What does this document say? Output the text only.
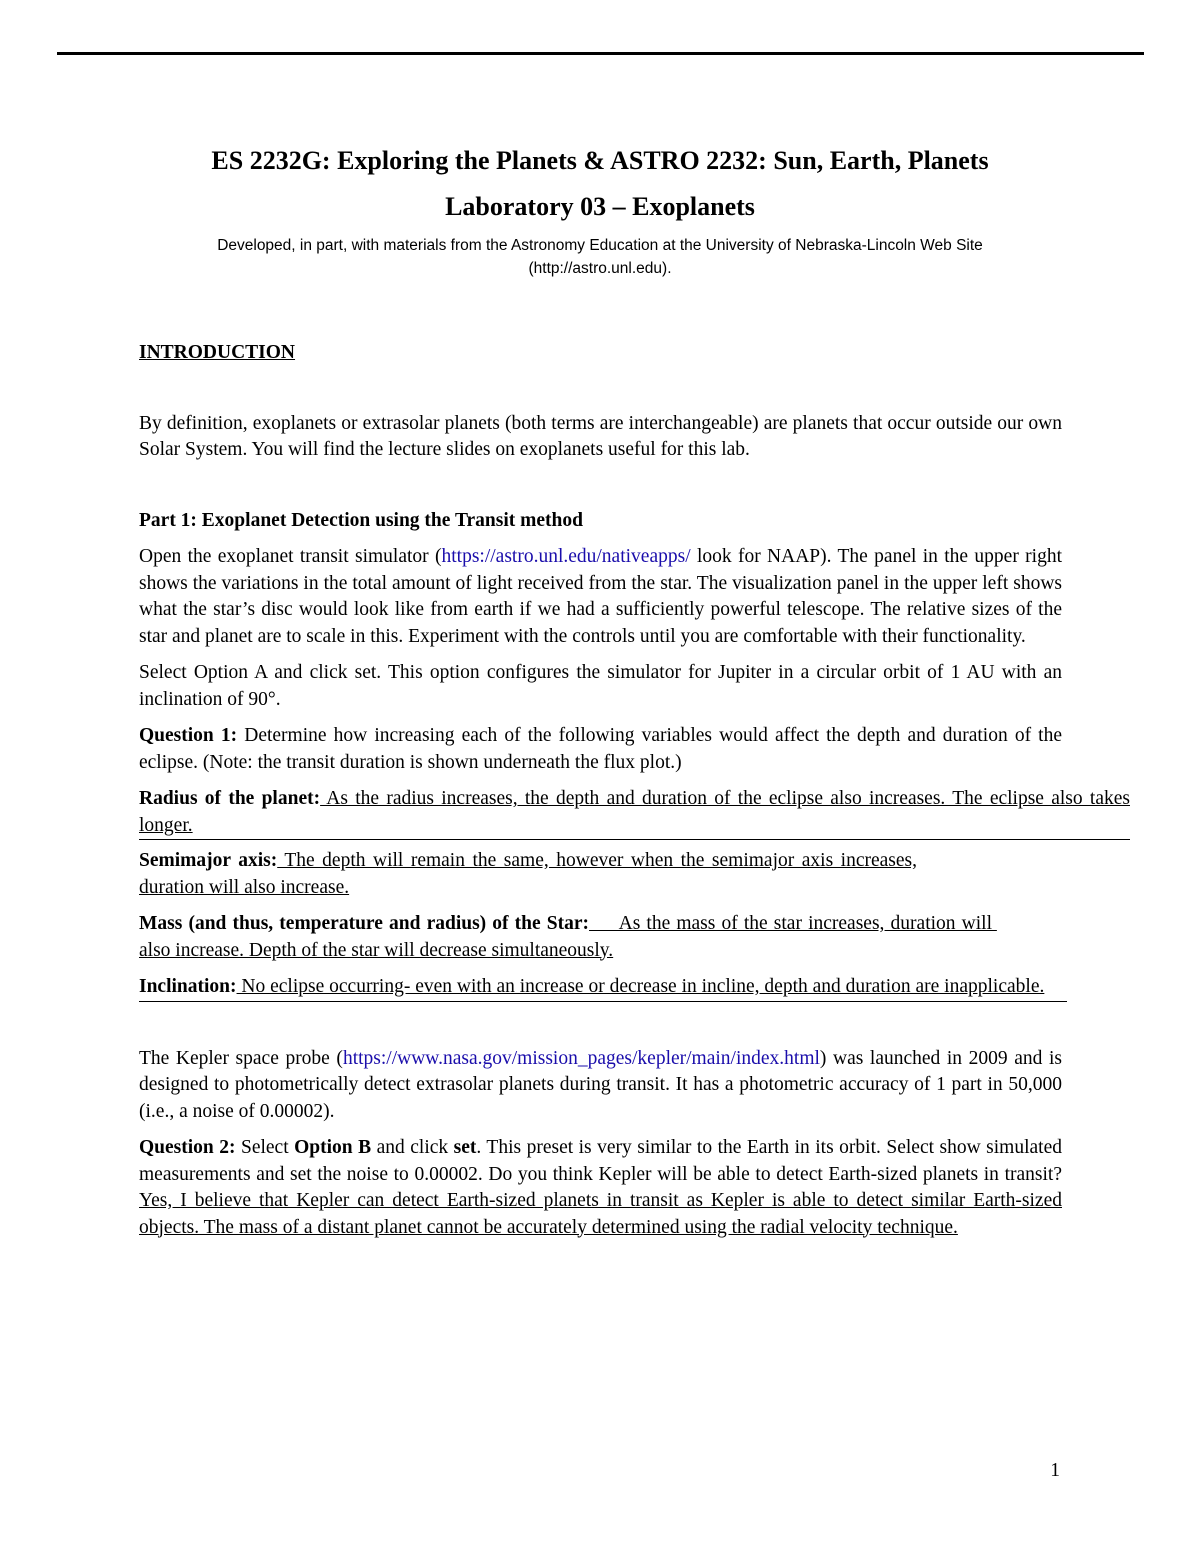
ES 2232G: Exploring the Planets & ASTRO 2232: Sun, Earth, Planets
Laboratory 03 – Exoplanets
Developed, in part, with materials from the Astronomy Education at the University of Nebraska-Lincoln Web Site
(http://astro.unl.edu).

INTRODUCTION

By definition, exoplanets or extrasolar planets (both terms are interchangeable) are planets that occur outside our own Solar System. You will find the lecture slides on exoplanets useful for this lab.

Part 1: Exoplanet Detection using the Transit method

Open the exoplanet transit simulator (https://astro.unl.edu/nativeapps/ look for NAAP). The panel in the upper right shows the variations in the total amount of light received from the star. The visualization panel in the upper left shows what the star’s disc would look like from earth if we had a sufficiently powerful telescope. The relative sizes of the star and planet are to scale in this. Experiment with the controls until you are comfortable with their functionality.

Select Option A and click set. This option configures the simulator for Jupiter in a circular orbit of 1 AU with an inclination of 90°.

Question 1: Determine how increasing each of the following variables would affect the depth and duration of the eclipse. (Note: the transit duration is shown underneath the flux plot.)

Radius of the planet: As the radius increases, the depth and duration of the eclipse also increases. The eclipse also takes longer.

Semimajor axis: The depth will remain the same, however when the semimajor axis increases, duration will also increase.

Mass (and thus, temperature and radius) of the Star:     As the mass of the star increases, duration will also increase. Depth of the star will decrease simultaneously.

Inclination: No eclipse occurring- even with an increase or decrease in incline, depth and duration are inapplicable.

The Kepler space probe (https://www.nasa.gov/mission_pages/kepler/main/index.html) was launched in 2009 and is designed to photometrically detect extrasolar planets during transit. It has a photometric accuracy of 1 part in 50,000 (i.e., a noise of 0.00002).

Question 2: Select Option B and click set. This preset is very similar to the Earth in its orbit. Select show simulated measurements and set the noise to 0.00002. Do you think Kepler will be able to detect Earth-sized planets in transit? Yes, I believe that Kepler can detect Earth-sized planets in transit as Kepler is able to detect similar Earth-sized objects. The mass of a distant planet cannot be accurately determined using the radial velocity technique.

1
